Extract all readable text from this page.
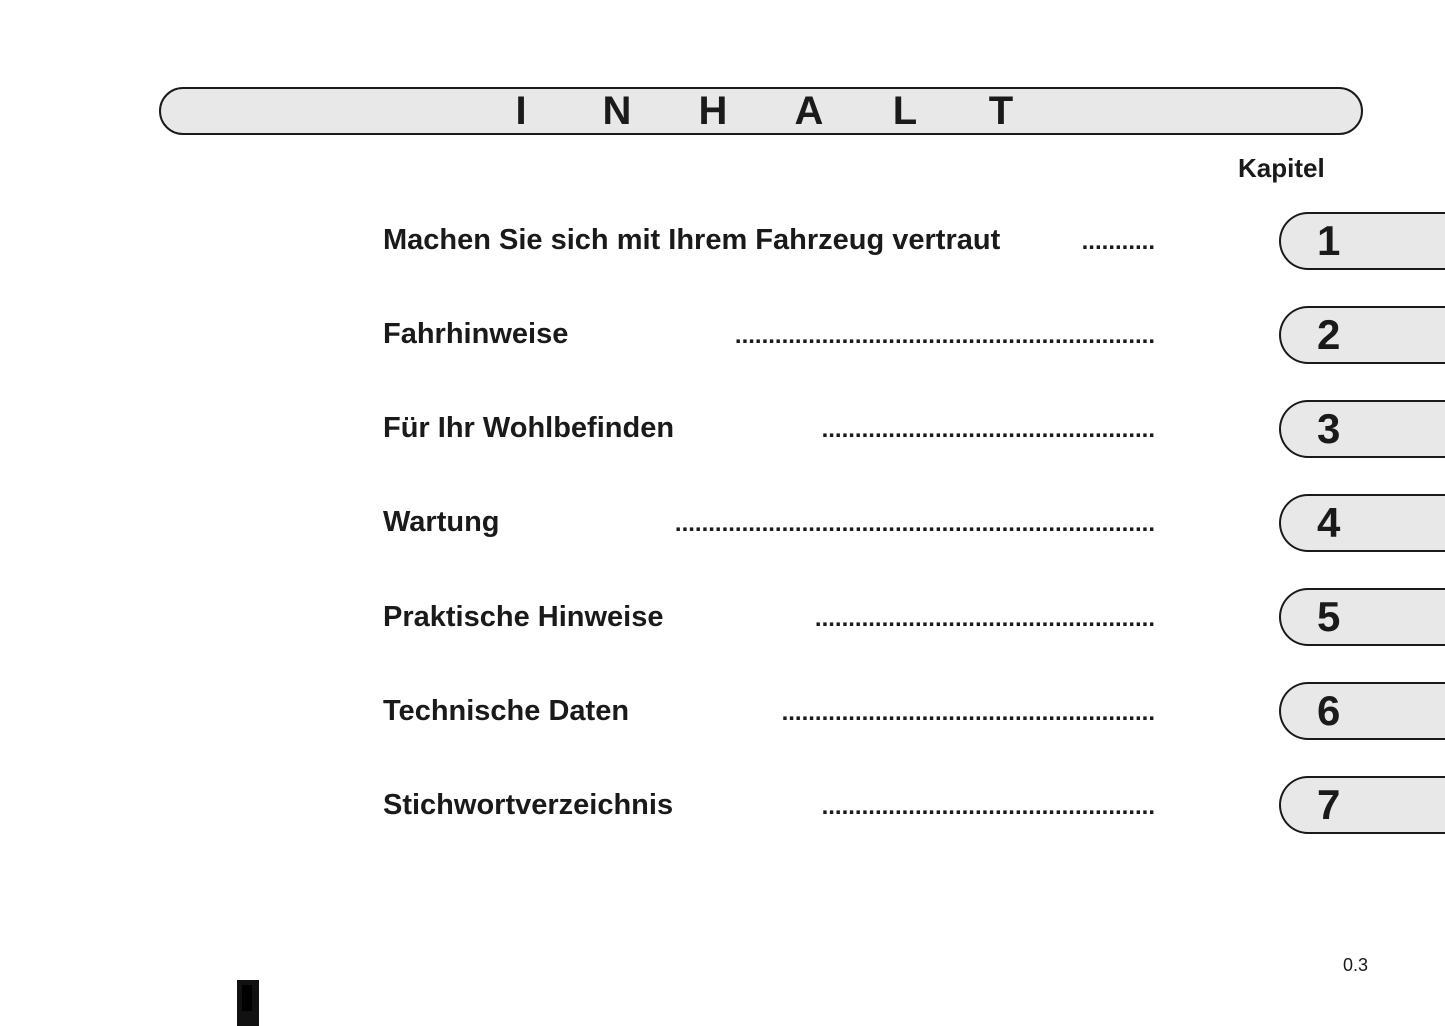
I	N	H	A	L	T
Kapitel
Machen Sie sich mit Ihrem Fahrzeug vertraut	...........	1
Fahrhinweise	...............................................................	2
Für Ihr Wohlbefinden	..................................................	3
Wartung	........................................................................	4
Praktische Hinweise	...................................................	5
Technische Daten	........................................................	6
Stichwortverzeichnis	..................................................	7
0.3
